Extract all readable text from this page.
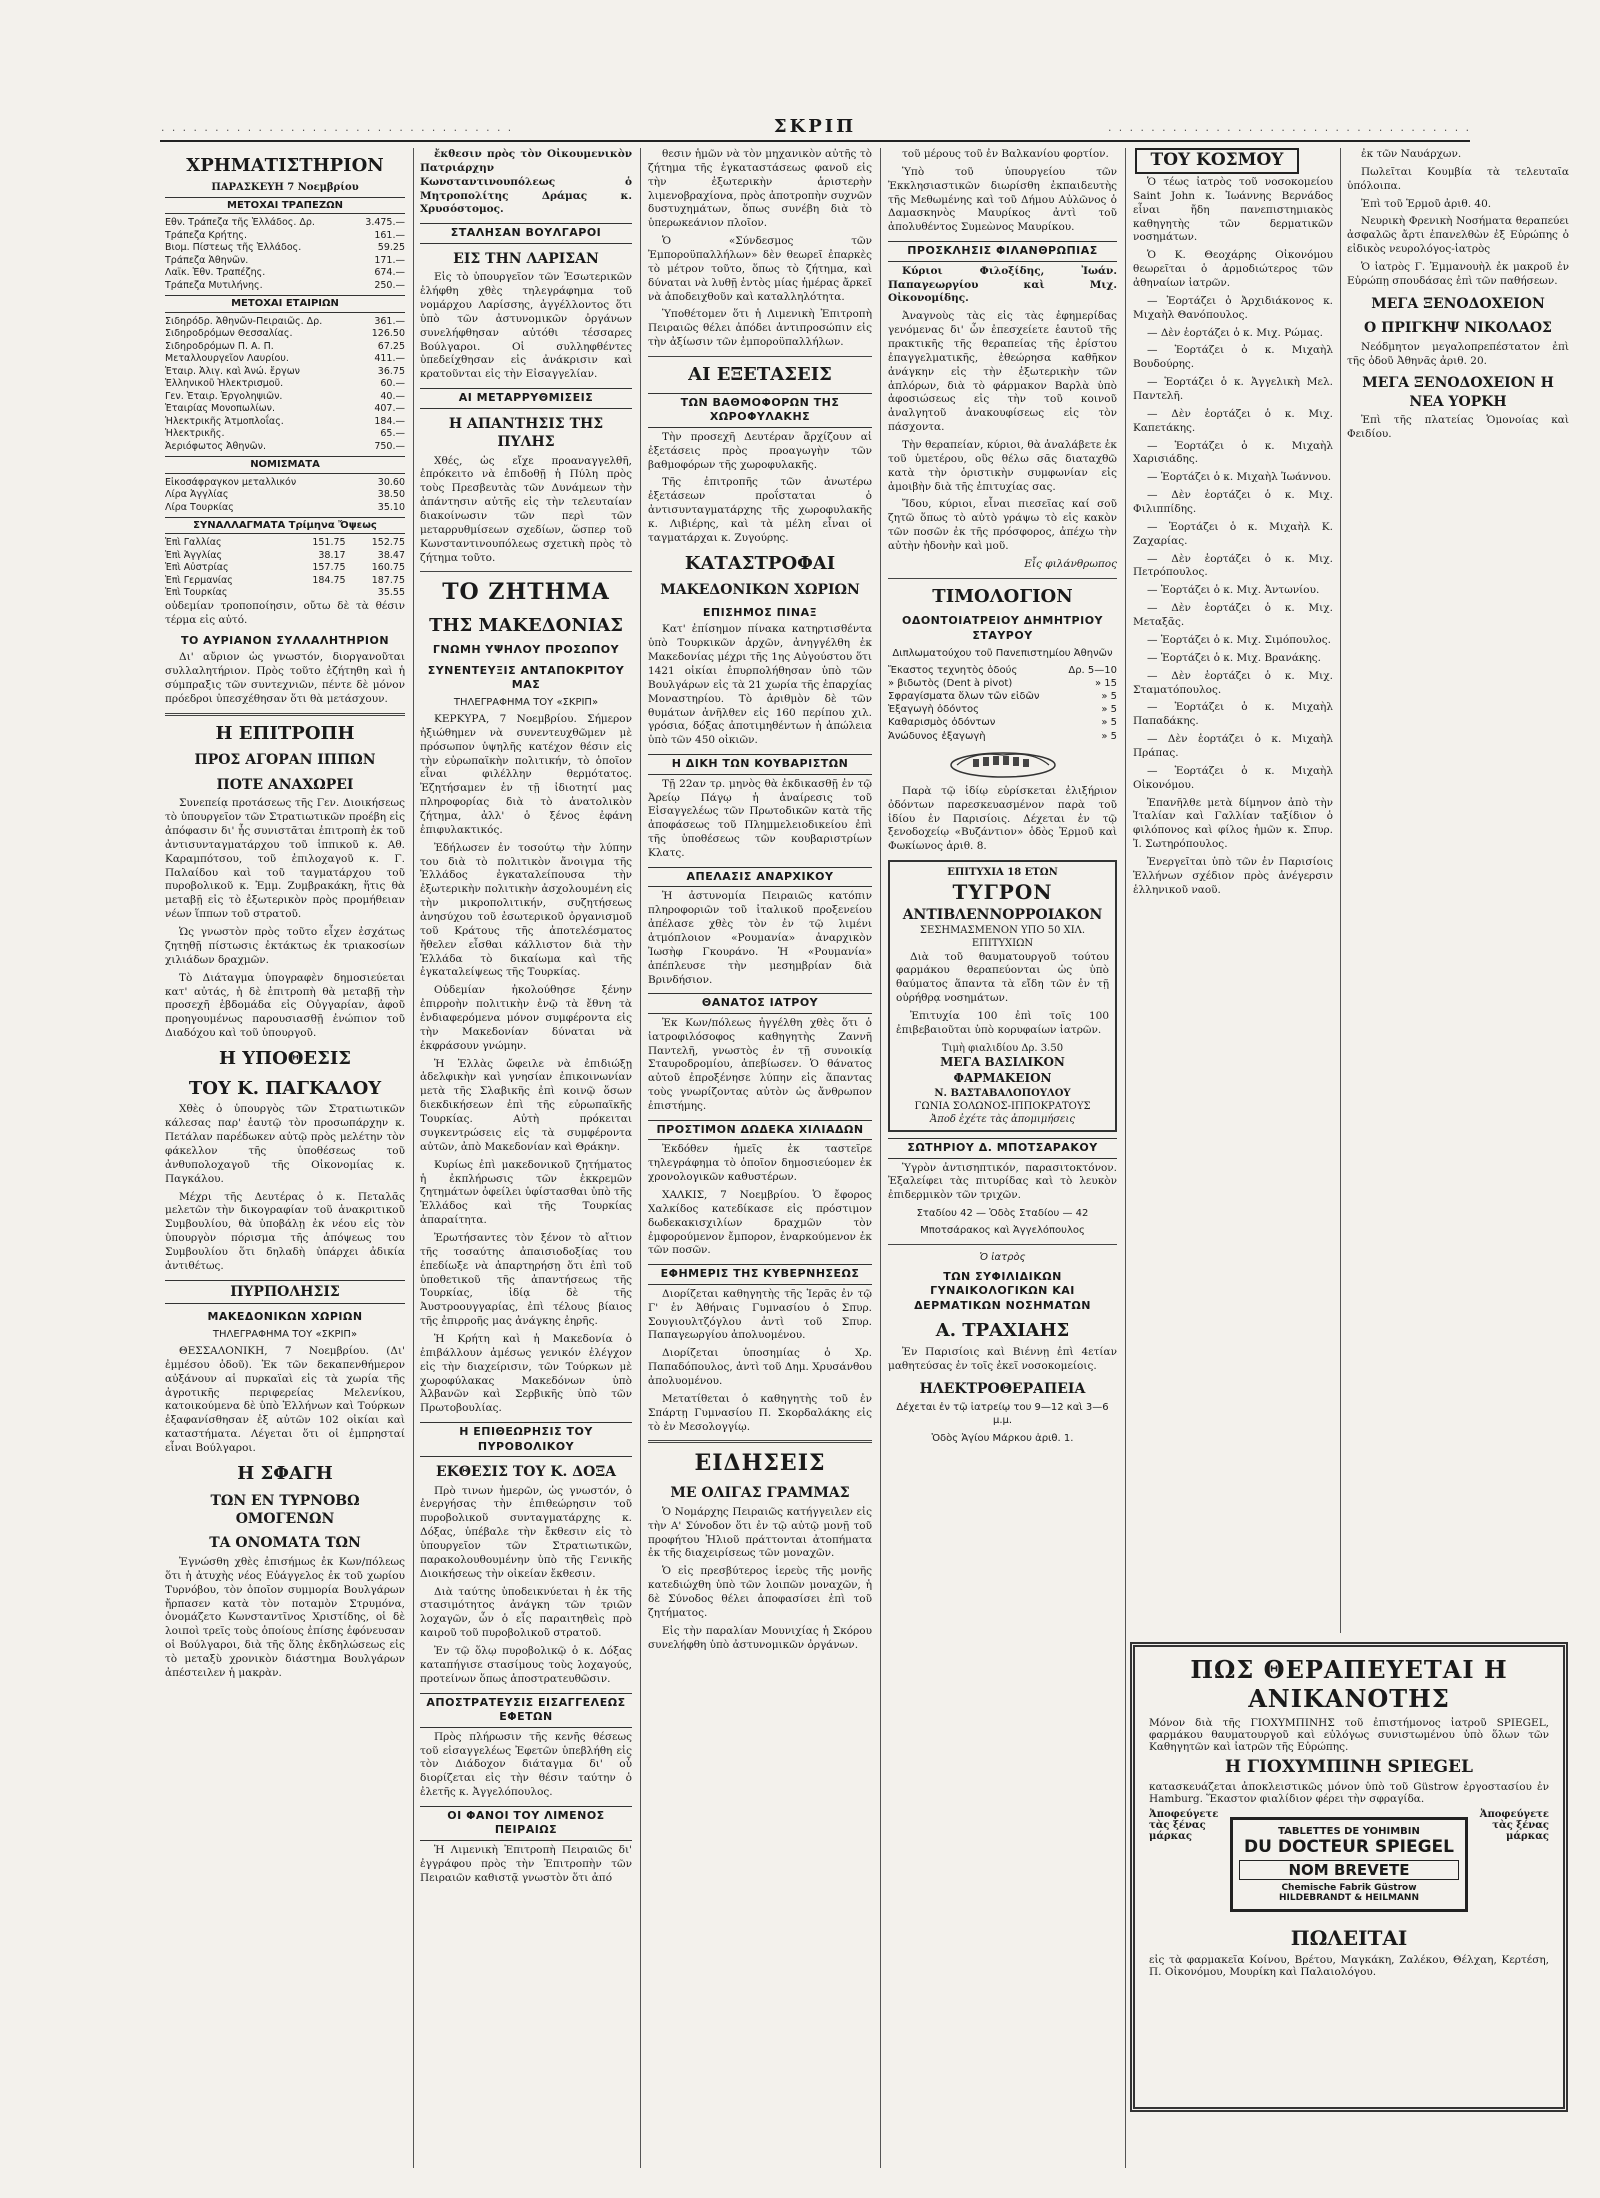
. . . . . . . . . . . . . . . . . . . . . . . . . . . . . . . . .	ΣΚΡΙΠ	. . . . . . . . . . . . . . . . . . . . . . . . . . . . . . . . . .
ΧΡΗΜΑΤΙΣΤΗΡΙΟΝ
ΠΑΡΑΣΚΕΥΗ 7 Νοεμβρίου
ΜΕΤΟΧΑΙ ΤΡΑΠΕΖΩΝ
Εθν. Τράπεζα τῆς Ἑλλάδος. Δρ.	3.475.—
Τράπεζα Κρήτης.	161.—
Βιομ. Πίστεως τῆς Ἑλλάδος.	59.25
Τράπεζα Ἀθηνῶν.	171.—
Λαϊκ. Ἐθν. Τραπέζης.	674.—
Τράπεζα Μυτιλήνης.	250.—
ΜΕΤΟΧΑΙ ΕΤΑΙΡΙΩΝ
Σιδηρόδρ. Ἀθηνῶν-Πειραιῶς. Δρ.	361.—
Σιδηροδρόμων Θεσσαλίας.	126.50
Σιδηροδρόμων Π. Α. Π.	67.25
Μεταλλουργεῖον Λαυρίου.	411.—
Ἐταιρ. Ἀλιγ. καὶ Ἀνώ. ἔργων	36.75
Ἑλληνικοῦ Ἠλεκτρισμοῦ.	60.—
Γεν. Ἑταιρ. Ἐργοληψιῶν.	40.—
Ἐταιρίας Μονοπωλίων.	407.—
Ἠλεκτρικῆς Ἀτμοπλοΐας.	184.—
Ἠλεκτρικῆς.	65.—
Ἀεριόφωτος Ἀθηνῶν.	750.—
ΝΟΜΙΣΜΑΤΑ
Εἰκοσάφραγκον μεταλλικόν	30.60
Λίρα Ἀγγλίας	38.50
Λίρα Τουρκίας	35.10
ΣΥΝΑΛΛΑΓΜΑΤΑ Τρίμηνα Ὄψεως
Ἐπὶ Γαλλίας	151.75	152.75
Ἐπὶ Ἀγγλίας	38.17	38.47
Ἐπὶ Αὐστρίας	157.75	160.75
Ἐπὶ Γερμανίας	184.75	187.75
Ἐπὶ Τουρκίας		35.55

οὐδεμίαν τροποποίησιν, οὔτω δὲ τὰ θέσιν τέρμα εἰς αὐτό.

ΤΟ ΑΥΡΙΑΝΟΝ ΣΥΛΛΑΛΗΤΗΡΙΟΝ

Δι' αὔριον ὡς γνωστόν, διοργανοῦται συλλαλητήριον. Πρὸς τοῦτο ἐζήτηθη καὶ ἡ σύμπραξις τῶν συντεχνιῶν, πέντε δὲ μόνον πρόεδροι ὑπεσχέθησαν ὅτι θὰ μετάσχουν.

Η ΕΠΙΤΡΟΠΗ
ΠΡΟΣ ΑΓΟΡΑΝ ΙΠΠΩΝ
ΠΟΤΕ ΑΝΑΧΩΡΕΙ

Συνεπείᾳ προτάσεως τῆς Γεν. Διοικήσεως τὸ ὑπουργεῖον τῶν Στρατιωτικῶν προέβη εἰς ἀπόφασιν δι' ἧς συνιστᾶται ἐπιτροπὴ ἐκ τοῦ ἀντισυνταγματάρχου τοῦ ἱππικοῦ κ. Αθ. Καραμπότσου, τοῦ ἐπιλοχαγοῦ κ. Γ. Παλαίδου καὶ τοῦ ταγματάρχου τοῦ πυροβολικοῦ κ. Ἐμμ. Ζυμβρακάκη, ἥτις θὰ μεταβῇ εἰς τὸ ἐξωτερικὸν πρὸς προμήθειαν νέων ἵππων τοῦ στρατοῦ.

Ὡς γνωστὸν πρὸς τοῦτο εἶχεν ἐσχάτως ζητηθῇ πίστωσις ἐκτάκτως ἐκ τριακοσίων χιλιάδων δραχμῶν.

Τὸ Διάταγμα ὑπογραφὲν δημοσιεύεται κατ' αὐτάς, ἡ δὲ ἐπιτροπὴ θὰ μεταβῇ τὴν προσεχῆ ἑβδομάδα εἰς Οὐγγαρίαν, ἀφοῦ προηγουμένως παρουσιασθῇ ἐνώπιον τοῦ Διαδόχου καὶ τοῦ ὑπουργοῦ.

Η ΥΠΟΘΕΣΙΣ
ΤΟΥ Κ. ΠΑΓΚΑΛΟΥ

Χθὲς ὁ ὑπουργὸς τῶν Στρατιωτικῶν κάλεσας παρ' ἑαυτῷ τὸν προσωπάρχην κ. Πετάλαν παρέδωκεν αὐτῷ πρὸς μελέτην τὸν φάκελλον τῆς ὑποθέσεως τοῦ ἀνθυπολοχαγοῦ τῆς Οἰκονομίας κ. Παγκάλου.

Μέχρι τῆς Δευτέρας ὁ κ. Πεταλᾶς μελετῶν τὴν δικογραφίαν τοῦ ἀνακριτικοῦ Συμβουλίου, θὰ ὑποβάλῃ ἐκ νέου εἰς τὸν ὑπουργὸν πόρισμα τῆς ἀπόψεως του Συμβουλίου ὅτι δηλαδὴ ὑπάρχει ἀδικία ἀντιθέτως.

ΠΥΡΠΟΛΗΣΙΣ
ΜΑΚΕΔΟΝΙΚΩΝ ΧΩΡΙΩΝ
ΤΗΛΕΓΡΑΦΗΜΑ ΤΟΥ «ΣΚΡΙΠ»

ΘΕΣΣΑΛΟΝΙΚΗ, 7 Νοεμβρίου. (Δι' ἐμμέσου ὁδοῦ). Ἐκ τῶν δεκαπενθήμερον αὐξάνουν αἱ πυρκαϊαὶ εἰς τὰ χωρία τῆς ἀγροτικῆς περιφερείας Μελενίκου, κατοικούμενα δὲ ὑπὸ Ἑλλήνων καὶ Τούρκων ἐξαφανίσθησαν ἐξ αὐτῶν 102 οἰκίαι καὶ καταστήματα. Λέγεται ὅτι οἱ ἐμπρησταί εἶναι Βούλγαροι.

Η ΣΦΑΓΗ
ΤΩΝ ΕΝ ΤΥΡΝΟΒΩ ΟΜΟΓΕΝΩΝ
ΤΑ ΟΝΟΜΑΤΑ ΤΩΝ

Ἐγνώσθη χθὲς ἐπισήμως ἐκ Κων/πόλεως ὅτι ἡ ἀτυχὴς νέος Εὐάγγελος ἐκ τοῦ χωρίου Τυρνόβου, τὸν ὁποῖον συμμορία Βουλγάρων ἤρπασεν κατὰ τὸν ποταμὸν Στρυμόνα, ὀνομάζετο Κωνσταντῖνος Χριστίδης, οἱ δὲ λοιποὶ τρεῖς τοὺς ὁποίους ἐπίσης ἐφόνευσαν οἱ Βούλγαροι, διὰ τῆς ὅλης ἐκδηλώσεως εἰς τὸ μεταξὺ χρονικὸν διάστημα Βουλγάρων ἀπέστειλεν ἡ μακρὰν.

ἔκθεσιν πρὸς τὸν Οἰκουμενικὸν Πατριάρχην Κωνσταντινουπόλεως ὁ Μητροπολίτης Δράμας κ. Χρυσόστομος.

ΣΤΑΛΗΣΑΝ ΒΟΥΛΓΑΡΟΙ
ΕΙΣ ΤΗΝ ΛΑΡΙΣΑΝ

Εἰς τὸ ὑπουργεῖον τῶν Ἐσωτερικῶν ἐλήφθη χθὲς τηλεγράφημα τοῦ νομάρχου Λαρίσσης, ἀγγέλλοντος ὅτι ὑπὸ τῶν ἀστυνομικῶν ὀργάνων συνελήφθησαν αὐτόθι τέσσαρες Βούλγαροι. Οἱ συλληφθέντες ὑπεδείχθησαν εἰς ἀνάκρισιν καὶ κρατοῦνται εἰς τὴν Εἰσαγγελίαν.

ΑΙ ΜΕΤΑΡΡΥΘΜΙΣΕΙΣ
Η ΑΠΑΝΤΗΣΙΣ ΤΗΣ ΠΥΛΗΣ

Χθές, ὡς εἴχε προαναγγελθῆ, ἐπρόκειτο νὰ ἐπιδοθῇ ἡ Πύλη πρὸς τοὺς Πρεσβευτὰς τῶν Δυνάμεων τὴν ἀπάντησιν αὐτῆς εἰς τὴν τελευταίαν διακοίνωσιν τῶν περὶ τῶν μεταρρυθμίσεων σχεδίων, ὥσπερ τοῦ Κωνσταντινουπόλεως σχετικὴ πρὸς τὸ ζήτημα τοῦτο.

ΤΟ ΖΗΤΗΜΑ
ΤΗΣ ΜΑΚΕΔΟΝΙΑΣ
ΓΝΩΜΗ ΥΨΗΛΟΥ ΠΡΟΣΩΠΟΥ
ΣΥΝΕΝΤΕΥΞΙΣ ΑΝΤΑΠΟΚΡΙΤΟΥ ΜΑΣ
ΤΗΛΕΓΡΑΦΗΜΑ ΤΟΥ «ΣΚΡΙΠ»

ΚΕΡΚΥΡΑ, 7 Νοεμβρίου. Σήμερον ἠξιώθημεν νὰ συνεντευχθῶμεν μὲ πρόσωπον ὑψηλῆς κατέχον θέσιν εἰς τὴν εὐρωπαϊκὴν πολιτικήν, τὸ ὁποῖον εἶναι φιλέλλην θερμότατος. Ἐζητήσαμεν ἐν τῇ ἰδιοτητί μας πληροφορίας διὰ τὸ ἀνατολικὸν ζήτημα, ἀλλ' ὁ ξένος ἐφάνη ἐπιφυλακτικός.

Ἐδήλωσεν ἐν τοσούτῳ τὴν λύπην του διὰ τὸ πολιτικὸν ἄνοιγμα τῆς Ἑλλάδος ἐγκαταλείπουσα τὴν ἐξωτερικὴν πολιτικὴν ἀσχολουμένη εἰς τὴν μικροπολιτικήν, συζητήσεως ἀνησύχου τοῦ ἐσωτερικοῦ ὀργανισμοῦ τοῦ Κράτους τῆς ἀποτελέσματος ἤθελεν εἶσθαι κάλλιστον διὰ τὴν Ἑλλάδα τὸ δικαίωμα καὶ τῆς ἐγκαταλείψεως τῆς Τουρκίας.

Οὐδεμίαν ἠκολούθησε ξένην ἐπιρροὴν πολιτικὴν ἐνῷ τὰ ἔθνη τὰ ἐνδιαφερόμενα μόνον συμφέροντα εἰς τὴν Μακεδονίαν δύναται νὰ ἐκφράσουν γνώμην.

Ἡ Ἑλλὰς ὤφειλε νὰ ἐπιδιώξῃ ἀδελφικὴν καὶ γνησίαν ἐπικοινωνίαν μετὰ τῆς Σλαβικῆς ἐπὶ κοινῷ ὅσων διεκδικήσεων ἐπὶ τῆς εὐρωπαϊκῆς Τουρκίας. Αὐτὴ πρόκειται συγκεντρώσεις εἰς τὰ συμφέροντα αὐτῶν, ἀπὸ Μακεδονίαν καὶ Θράκην.

Κυρίως ἐπὶ μακεδονικοῦ ζητήματος ἡ ἐκπλήρωσις τῶν ἐκκρεμῶν ζητημάτων ὀφείλει ὑφίστασθαι ὑπὸ τῆς Ἑλλάδος καὶ τῆς Τουρκίας ἀπαραίτητα.

Ἐρωτήσαντες τὸν ξένον τὸ αἴτιον τῆς τοσαύτης ἀπαισιοδοξίας του ἐπεδίωξε νὰ ἀπαρτηρήσῃ ὅτι ἐπὶ τοῦ ὑποθετικοῦ τῆς ἀπαντήσεως τῆς Τουρκίας, ἰδίᾳ δὲ τῆς Ἀυστροουγγαρίας, ἐπὶ τέλους βίαιος τῆς ἐπιρροῆς μας ἀνάγκης ἐηρῆς.

Ἡ Κρήτη καὶ ἡ Μακεδονία ὁ ἐπιβάλλουν ἀμέσως γενικόν ἐλέγχον εἰς τὴν διαχείρισιν, τῶν Τούρκων μὲ χωροφύλακας Μακεδόνων ὑπὸ Ἀλβανῶν καὶ Σερβικῆς ὑπὸ τῶν Πρωτοβουλίας.

Η ΕΠΙΘΕΩΡΗΣΙΣ ΤΟΥ ΠΥΡΟΒΟΛΙΚΟΥ
ΕΚΘΕΣΙΣ ΤΟΥ Κ. ΔΟΞΑ

Πρὸ τινων ἡμερῶν, ὡς γνωστόν, ὁ ἐνεργήσας τὴν ἐπιθεώρησιν τοῦ πυροβολικοῦ συνταγματάρχης κ. Δόξας, ὑπέβαλε τὴν ἔκθεσιν εἰς τὸ ὑπουργεῖον τῶν Στρατιωτικῶν, παρακολουθουμένην ὑπὸ τῆς Γενικῆς Διοικήσεως τὴν οἰκείαν ἔκθεσιν.

Διὰ ταύτης ὑποδεικνύεται ἡ ἐκ τῆς στασιμότητος ἀνάγκη τῶν τριῶν λοχαγῶν, ὧν ὁ εἷς παραιτηθεὶς πρὸ καιροῦ τοῦ πυροβολικοῦ στρατοῦ.

Ἐν τῷ ὅλῳ πυροβολικῷ ὁ κ. Δόξας καταπήγισε στασίμους τοὺς λοχαγούς, προτείνων ὅπως ἀποστρατευθῶσιν.

ΑΠΟΣΤΡΑΤΕΥΣΙΣ ΕΙΣΑΓΓΕΛΕΩΣ ΕΦΕΤΩΝ

Πρὸς πλήρωσιν τῆς κενῆς θέσεως τοῦ εἰσαγγελέως Ἐφετῶν ὑπεβλήθη εἰς τὸν Διάδοχον διάταγμα δι' οὗ διορίζεται εἰς τὴν θέσιν ταύτην ὁ ἐλετῆς κ. Ἀγγελόπουλος.

ΟΙ ΦΑΝΟΙ ΤΟΥ ΛΙΜΕΝΟΣ ΠΕΙΡΑΙΩΣ

Ἡ Λιμενικὴ Ἐπιτροπὴ Πειραιῶς δι' ἐγγράφου πρὸς τὴν Ἐπιτροπὴν τῶν Πειραιῶν καθιστᾷ γνωστὸν ὅτι ἀπό

θεσιν ἡμῶν νὰ τὸν μηχανικὸν αὐτῆς τὸ ζήτημα τῆς ἐγκαταστάσεως φανοῦ εἰς τὴν ἐξωτερικὴν ἀριστερὴν λιμενοβραχίονα, πρὸς ἀποτροπὴν συχνῶν δυστυχημάτων, ὅπως συνέβη διὰ τὸ ὑπερωκεάνιον πλοῖον.

Ὁ «Σύνδεσμος τῶν Ἐμποροϋπαλλήλων» δὲν θεωρεῖ ἐπαρκὲς τὸ μέτρον τοῦτο, ὅπως τὸ ζήτημα, καὶ δύναται νὰ λυθῇ ἐντὸς μίας ἡμέρας ἄρκεῖ νὰ ἀποδειχθοῦν καὶ καταλληλότητα.

Ὑποθέτομεν ὅτι ἡ Λιμενικὴ Ἐπιτροπὴ Πειραιῶς θέλει ἀπόδει ἀντιπροσώπιν εἰς τὴν ἀξίωσιν τῶν ἐμποροϋπαλλήλων.

ΑΙ ΕΞΕΤΑΣΕΙΣ
ΤΩΝ ΒΑΘΜΟΦΟΡΩΝ ΤΗΣ ΧΩΡΟΦΥΛΑΚΗΣ

Τὴν προσεχῆ Δευτέραν ἄρχίζουν αἱ ἐξετάσεις πρὸς προαγωγὴν τῶν βαθμοφόρων τῆς χωροφυλακῆς.

Τῆς ἐπιτροπῆς τῶν ἀνωτέρω ἐξετάσεων προΐσταται ὁ ἀντισυνταγματάρχης τῆς χωροφυλακῆς κ. Λιβιέρης, καὶ τὰ μέλη εἶναι οἱ ταγματάρχαι κ. Ζυγούρης.

ΚΑΤΑΣΤΡΟΦΑΙ
ΜΑΚΕΔΟΝΙΚΩΝ ΧΩΡΙΩΝ
ΕΠΙΣΗΜΟΣ ΠΙΝΑΞ

Κατ' ἐπίσημον πίνακα κατηρτισθέντα ὑπὸ Τουρκικῶν ἀρχῶν, ἀνηγγέλθη ἐκ Μακεδονίας μέχρι τῆς 1ης Αὐγούστου ὅτι 1421 οἰκίαι ἐπυρπολήθησαν ὑπὸ τῶν Βουλγάρων εἰς τὰ 21 χωρία τῆς ἐπαρχίας Μοναστηρίου. Τὸ ἀριθμὸν δὲ τῶν θυμάτων ἀνῆλθεν εἰς 160 περίπου χιλ. γρόσια, δόξας ἀποτιμηθέντων ἡ ἀπώλεια ὑπὸ τῶν 450 οἰκιῶν.

Η ΔΙΚΗ ΤΩΝ ΚΟΥΒΑΡΙΣΤΩΝ

Τῇ 22αν τρ. μηνὸς θὰ ἐκδικασθῇ ἐν τῷ Ἀρείῳ Πάγῳ ἡ ἀναίρεσις τοῦ Εἰσαγγελέως τῶν Πρωτοδικῶν κατὰ τῆς ἀποφάσεως τοῦ Πλημμελειοδικείου ἐπὶ τῆς ὑποθέσεως τῶν κουβαριστρίων Κλατς.

ΑΠΕΛΑΣΙΣ ΑΝΑΡΧΙΚΟΥ

Ἡ ἀστυνομία Πειραιῶς κατόπιν πληροφοριῶν τοῦ ἰταλικοῦ προξενείου ἀπέλασε χθὲς τὸν ἐν τῷ λιμένι ἀτμόπλοιον «Ρουμανία» ἀναρχικὸν Ἰωσὴφ Γκουράνο. Ἡ «Ρουμανία» ἀπέπλευσε τὴν μεσημβρίαν διὰ Βρινδήσιον.

ΘΑΝΑΤΟΣ ΙΑΤΡΟΥ

Ἐκ Κων/πόλεως ἠγγέλθη χθὲς ὅτι ὁ ἰατροφιλόσοφος καθηγητὴς Ζαννῆ Παντελῆ, γνωστὸς ἐν τῇ συνοικίᾳ Σταυροδρομίου, ἀπεβίωσεν. Ὁ θάνατος αὐτοῦ ἐπροξένησε λύπην εἰς ἅπαντας τοὺς γνωρίζοντας αὐτὸν ὡς ἄνθρωπον ἐπιστήμης.

ΠΡΟΣΤΙΜΟΝ ΔΩΔΕΚΑ ΧΙΛΙΑΔΩΝ

Ἐκδόθεν ἡμεῖς ἐκ ταστεῖρε τηλεγράφημα τὸ ὁποῖον δημοσιεύομεν ἐκ χρονολογικῶν καθυστέρων.

ΧΑΛΚΙΣ, 7 Νοεμβρίου. Ὁ ἔφορος Χαλκίδος κατεδίκασε εἰς πρόστιμον δωδεκακισχιλίων δραχμῶν τὸν ἐμφορούμενον ἔμπορον, ἐναρκούμενον ἐκ τῶν ποσῶν.

ΕΦΗΜΕΡΙΣ ΤΗΣ ΚΥΒΕΡΝΗΣΕΩΣ

Διορίζεται καθηγητὴς τῆς Ἱερᾶς ἐν τῷ Γ' ἐν Ἀθήναις Γυμνασίου ὁ Σπυρ. Σουγιουλτζόγλου ἀντὶ τοῦ Σπυρ. Παπαγεωργίου ἀπολυομένου.

Διορίζεται ὑποσημίας ὁ Χρ. Παπαδόπουλος, ἀντὶ τοῦ Δημ. Χρυσάνθου ἀπολυομένου.

Μετατίθεται ὁ καθηγητὴς τοῦ ἐν Σπάρτῃ Γυμνασίου Π. Σκορδαλάκης εἰς τὸ ἐν Μεσολογγίῳ.

ΕΙΔΗΣΕΙΣ
ΜΕ ΟΛΙΓΑΣ ΓΡΑΜΜΑΣ

Ὁ Νομάρχης Πειραιῶς κατήγγειλεν εἰς τὴν Α' Σύνοδον ὅτι ἐν τῷ αὐτῷ μονῇ τοῦ προφήτου Ἠλιοῦ πράττονται ἀτοπήματα ἐκ τῆς διαχειρίσεως τῶν μοναχῶν.

Ὁ εἰς πρεσβύτερος ἱερεὺς τῆς μονῆς κατεδιώχθη ὑπὸ τῶν λοιπῶν μοναχῶν, ἡ δὲ Σύνοδος θέλει ἀποφασίσει ἐπὶ τοῦ ζητήματος.

Εἰς τὴν παραλίαν Μουνιχίας ἡ Σκόρου συνελήφθη ὑπὸ ἀστυνομικῶν ὀργάνων.

τοῦ μέρους τοῦ ἐν Βαλκανίου φορτίον.

Ὑπὸ τοῦ ὑπουργείου τῶν Ἐκκλησιαστικῶν διωρίσθη ἐκπαιδευτὴς τῆς Μεθωμένης καὶ τοῦ Δήμου Αὐλῶνος ὁ Δαμασκηνὸς Μαυρίκος ἀντὶ τοῦ ἀπολυθέντος Συμεὼνος Μαυρίκου.

ΠΡΟΣΚΛΗΣΙΣ ΦΙΛΑΝΘΡΩΠΙΑΣ

Κύριοι Φιλοξίδης, Ἰωάν. Παπαγεωργίου καὶ Μιχ. Οἰκονομίδης.

Ἀναγνοὺς τὰς εἰς τὰς ἐφημερίδας γενόμενας δι' ὧν ἐπεσχείετε ἑαυτοῦ τῆς πρακτικῆς τῆς θεραπείας τῆς ἐρίστου ἐπαγγελματικῆς, ἐθεώρησα καθῆκον ἀνάγκην εἰς τὴν ἐξωτερικὴν τῶν ἀπλόρων, διὰ τὸ φάρμακον Βαρλὰ ὑπὸ ἀφοσιώσεως εἰς τὴν τοῦ κοινοῦ ἀναλγητοῦ ἀνακουφίσεως εἰς τὸν πάσχοντα.

Τὴν θεραπείαν, κύριοι, θὰ ἀναλάβετε ἐκ τοῦ ὑμετέρου, οὓς θέλω σᾶς διαταχθῶ κατὰ τὴν ὁριστικὴν συμφωνίαν εἰς ἀμοιβὴν διὰ τῆς ἐπιτυχίας σας.

Ἴδου, κύριοι, εἶναι πιεσεῖας καί σοῦ ζητῶ ὅπως τὸ αὐτὸ γράψω τὸ εἰς κακὸν τῶν ποσῶν ἐκ τῆς πρόσφορος, ἀπέχω τὴν αὐτὴν ἡδονὴν καὶ μοῦ.

Εἷς φιλάνθρωπος

ΤΙΜΟΛΟΓΙΟΝ
ΟΔΟΝΤΟΙΑΤΡΕΙΟΥ ΔΗΜΗΤΡΙΟΥ ΣΤΑΥΡΟΥ
Διπλωματούχου τοῦ Πανεπιστημίου Ἀθηνῶν
Ἔκαστος τεχνητὸς ὀδούς	Δρ. 5—10
» βιδωτὸς (Dent à pivot)	» 15
Σφραγίσματα ὅλων τῶν εἰδῶν	» 5
Ἐξαγωγὴ ὀδόντος	» 5
Καθαρισμὸς ὀδόντων	» 5
Ἀνώδυνος ἐξαγωγὴ	» 5

Παρὰ τῷ ἰδίῳ εὑρίσκεται ἐλιξήριον ὀδόντων παρεσκευασμένον παρὰ τοῦ ἰδίου ἐν Παρισίοις. Δέχεται ἐν τῷ ξενοδοχείῳ «Βυζάντιον» ὁδὸς Ἑρμοῦ καὶ Φωκίωνος ἀριθ. 8.

ΕΠΙΤΥΧΙΑ 18 ΕΤΩΝ
ΤΥΓΡΟΝ
ΑΝΤΙΒΛΕΝΝΟΡΡΟΙΑΚΟΝ
ΣΕΣΗΜΑΣΜΕΝΟΝ ΥΠΟ 50 ΧΙΛ. ΕΠΙΤΥΧΙΩΝ

Διὰ τοῦ θαυματουργοῦ τούτου φαρμάκου θεραπεύονται ὡς ὑπὸ θαύματος ἅπαντα τὰ εἴδη τῶν ἐν τῇ οὐρήθρᾳ νοσημάτων.

Ἐπιτυχία 100 ἐπὶ τοῖς 100 ἐπιβεβαιοῦται ὑπὸ κορυφαίων ἰατρῶν.

Τιμὴ φιαλιδίου Δρ. 3.50
ΜΕΓΑ ΒΑΣΙΛΙΚΟΝ ΦΑΡΜΑΚΕΙΟΝ
Ν. ΒΑΣΤΑΒΑΛΟΠΟΥΛΟΥ
ΓΩΝΙΑ ΣΟΛΩΝΟΣ-ΙΠΠΟΚΡΑΤΟΥΣ
Ἀποδ ἐχέτε τὰς ἀπομιμήσεις
ΣΩΤΗΡΙΟΥ Δ. ΜΠΟΤΣΑΡΑΚΟΥ

Ὑγρὸν ἀντισηπτικόν, παρασιτοκτόνον. Ἐξαλείφει τὰς πιτυρίδας καὶ τὸ λευκὸν ἐπιδερμικὸν τῶν τριχῶν.

Σταδίου 42 — Ὁδὸς Σταδίου — 42
Μποτσάρακος καὶ Ἀγγελόπουλος
Ὁ ἰατρὸς
ΤΩΝ ΣΥΦΙΛΙΔΙΚΩΝ ΓΥΝΑΙΚΟΛΟΓΙΚΩΝ ΚΑΙ ΔΕΡΜΑΤΙΚΩΝ ΝΟΣΗΜΑΤΩΝ
Α. ΤΡΑΧΙΑΗΣ

Ἐν Παρισίοις καὶ Βιέννῃ ἐπὶ 4ετίαν μαθητεύσας ἐν τοῖς ἐκεῖ νοσοκομείοις.

ΗΛΕΚΤΡΟΘΕΡΑΠΕΙΑ
Δέχεται ἐν τῷ ἰατρείῳ του 9—12 καὶ 3—6 μ.μ.
Ὁδὸς Ἁγίου Μάρκου ἀριθ. 1.
ΤΟΥ ΚΟΣΜΟΥ

Ὁ τέως ἰατρὸς τοῦ νοσοκομείου Saint John κ. Ἰωάννης Βερνάδος εἶναι ἤδη πανεπιστημιακὸς καθηγητὴς τῶν δερματικῶν νοσημάτων.

Ὁ Κ. Θεοχάρης Οἰκονόμου θεωρεῖται ὁ ἀρμοδιώτερος τῶν ἀθηναίων ἰατρῶν.

— Ἑορτάζει ὁ Ἀρχιδιάκονος κ. Μιχαὴλ Θανόπουλος.

— Δὲν ἑορτάζει ὁ κ. Μιχ. Ρώμας.

— Ἑορτάζει ὁ κ. Μιχαὴλ Βουδούρης.

— Ἑορτάζει ὁ κ. Ἀγγελικὴ Μελ. Παντελῆ.

— Δὲν ἑορτάζει ὁ κ. Μιχ. Καπετάκης.

— Ἑορτάζει ὁ κ. Μιχαὴλ Χαρισιάδης.

— Ἑορτάζει ὁ κ. Μιχαὴλ Ἰωάννου.

— Δὲν ἑορτάζει ὁ κ. Μιχ. Φιλιππίδης.

— Ἑορτάζει ὁ κ. Μιχαὴλ Κ. Ζαχαρίας.

— Δὲν ἑορτάζει ὁ κ. Μιχ. Πετρόπουλος.

— Ἑορτάζει ὁ κ. Μιχ. Ἀντωνίου.

— Δὲν ἑορτάζει ὁ κ. Μιχ. Μεταξᾶς.

— Ἑορτάζει ὁ κ. Μιχ. Σιμόπουλος.

— Ἑορτάζει ὁ κ. Μιχ. Βρανάκης.

— Δὲν ἑορτάζει ὁ κ. Μιχ. Σταματόπουλος.

— Ἑορτάζει ὁ κ. Μιχαὴλ Παπαδάκης.

— Δὲν ἑορτάζει ὁ κ. Μιχαὴλ Πράπας.

— Ἑορτάζει ὁ κ. Μιχαὴλ Οἰκονόμου.

Ἐπανῆλθε μετὰ δίμηνον ἀπὸ τὴν Ἰταλίαν καὶ Γαλλίαν ταξίδιον ὁ φιλόπονος καὶ φίλος ἡμῶν κ. Σπυρ. Ἰ. Σωτηρόπουλος.

Ἐνεργεῖται ὑπὸ τῶν ἐν Παρισίοις Ἑλλήνων σχέδιον πρὸς ἀνέγερσιν ἑλληνικοῦ ναοῦ.

ἐκ τῶν Ναυάρχων.

Πωλεῖται Κουμβία τὰ τελευταῖα ὑπόλοιπα.

Ἐπὶ τοῦ Ἑρμοῦ ἀριθ. 40.

Νευρικὴ Φρενικὴ Νοσήματα θεραπεύει ἀσφαλῶς ἄρτι ἐπανελθὼν ἐξ Εὐρώπης ὁ εἰδικὸς νευρολόγος-ἰατρὸς

Ὁ ἰατρὸς Γ. Ἐμμανουὴλ ἐκ μακροῦ ἐν Εὐρώπῃ σπουδάσας ἐπὶ τῶν παθήσεων.

ΜΕΓΑ ΞΕΝΟΔΟΧΕΙΟΝ

Ο ΠΡΙΓΚΗΨ ΝΙΚΟΛΑΟΣ

Νεόδμητον μεγαλοπρεπέστατον ἐπὶ τῆς ὁδοῦ Ἀθηνᾶς ἀριθ. 20.

ΜΕΓΑ ΞΕΝΟΔΟΧΕΙΟΝ Η ΝΕΑ ΥΟΡΚΗ

Ἐπὶ τῆς πλατείας Ὁμονοίας καὶ Φειδίου.

ΠΩΣ ΘΕΡΑΠΕΥΕΤΑΙ Η ΑΝΙΚΑΝΟΤΗΣ

Μόνον διὰ τῆς ΓΙΟΧΥΜΠΙΝΗΣ τοῦ ἐπιστήμονος ἰατροῦ SPIEGEL, φαρμάκου θαυματουργοῦ καὶ εὐλόγως συνιστωμένου ὑπὸ ὅλων τῶν Καθηγητῶν καὶ ἰατρῶν τῆς Εὐρώπης.

Η ΓΙΟΧΥΜΠΙΝΗ SPIEGEL

κατασκευάζεται ἀποκλειστικῶς μόνον ὑπὸ τοῦ Güstrow ἐργοστασίου ἐν Hamburg. Ἕκαστον φιαλίδιον φέρει τὴν σφραγίδα.

Ἀποφεύγετε τὰς ξένας μάρκας	TABLETTES DE YOHIMBIN
DU DOCTEUR SPIEGEL
NOM BREVETE
Chemische Fabrik Güstrow
HILDEBRANDT & HEILMANN
Ἀποφεύγετε τὰς ξένας μάρκας
ΠΩΛΕΙΤΑΙ

εἰς τὰ φαρμακεῖα Κοίνου, Βρέτου, Μαγκάκη, Ζαλέκου, Θέλχαη, Κερτέση, Π. Οἰκονόμου, Μουρίκη καὶ Παλαιολόγου.
